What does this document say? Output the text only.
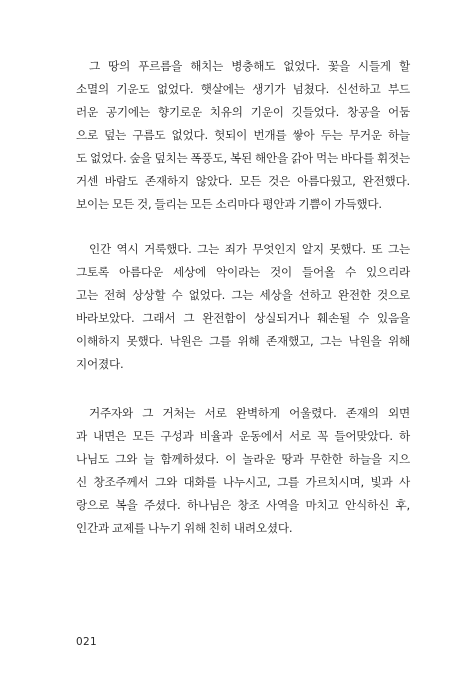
그 땅의 푸르름을 해치는 병충해도 없었다. 꽃을 시들게 할
소멸의 기운도 없었다. 햇살에는 생기가 넘쳤다. 신선하고 부드
러운 공기에는 향기로운 치유의 기운이 깃들었다. 창공을 어둠
으로 덮는 구름도 없었다. 헛되이 번개를 쌓아 두는 무거운 하늘
도 없었다. 숲을 덮치는 폭풍도, 복된 해안을 갉아 먹는 바다를 휘젓는
거센 바람도 존재하지 않았다. 모든 것은 아름다웠고, 완전했다.
보이는 모든 것, 들리는 모든 소리마다 평안과 기쁨이 가득했다.
인간 역시 거룩했다. 그는 죄가 무엇인지 알지 못했다. 또 그는
그토록 아름다운 세상에 악이라는 것이 들어올 수 있으리라
고는 전혀 상상할 수 없었다. 그는 세상을 선하고 완전한 것으로
바라보았다. 그래서 그 완전함이 상실되거나 훼손될 수 있음을
이해하지 못했다. 낙원은 그를 위해 존재했고, 그는 낙원을 위해
지어졌다.
거주자와 그 거처는 서로 완벽하게 어울렸다. 존재의 외면
과 내면은 모든 구성과 비율과 운동에서 서로 꼭 들어맞았다. 하
나님도 그와 늘 함께하셨다. 이 놀라운 땅과 무한한 하늘을 지으
신 창조주께서 그와 대화를 나누시고, 그를 가르치시며, 빛과 사
랑으로 복을 주셨다. 하나님은 창조 사역을 마치고 안식하신 후,
인간과 교제를 나누기 위해 친히 내려오셨다.
021
